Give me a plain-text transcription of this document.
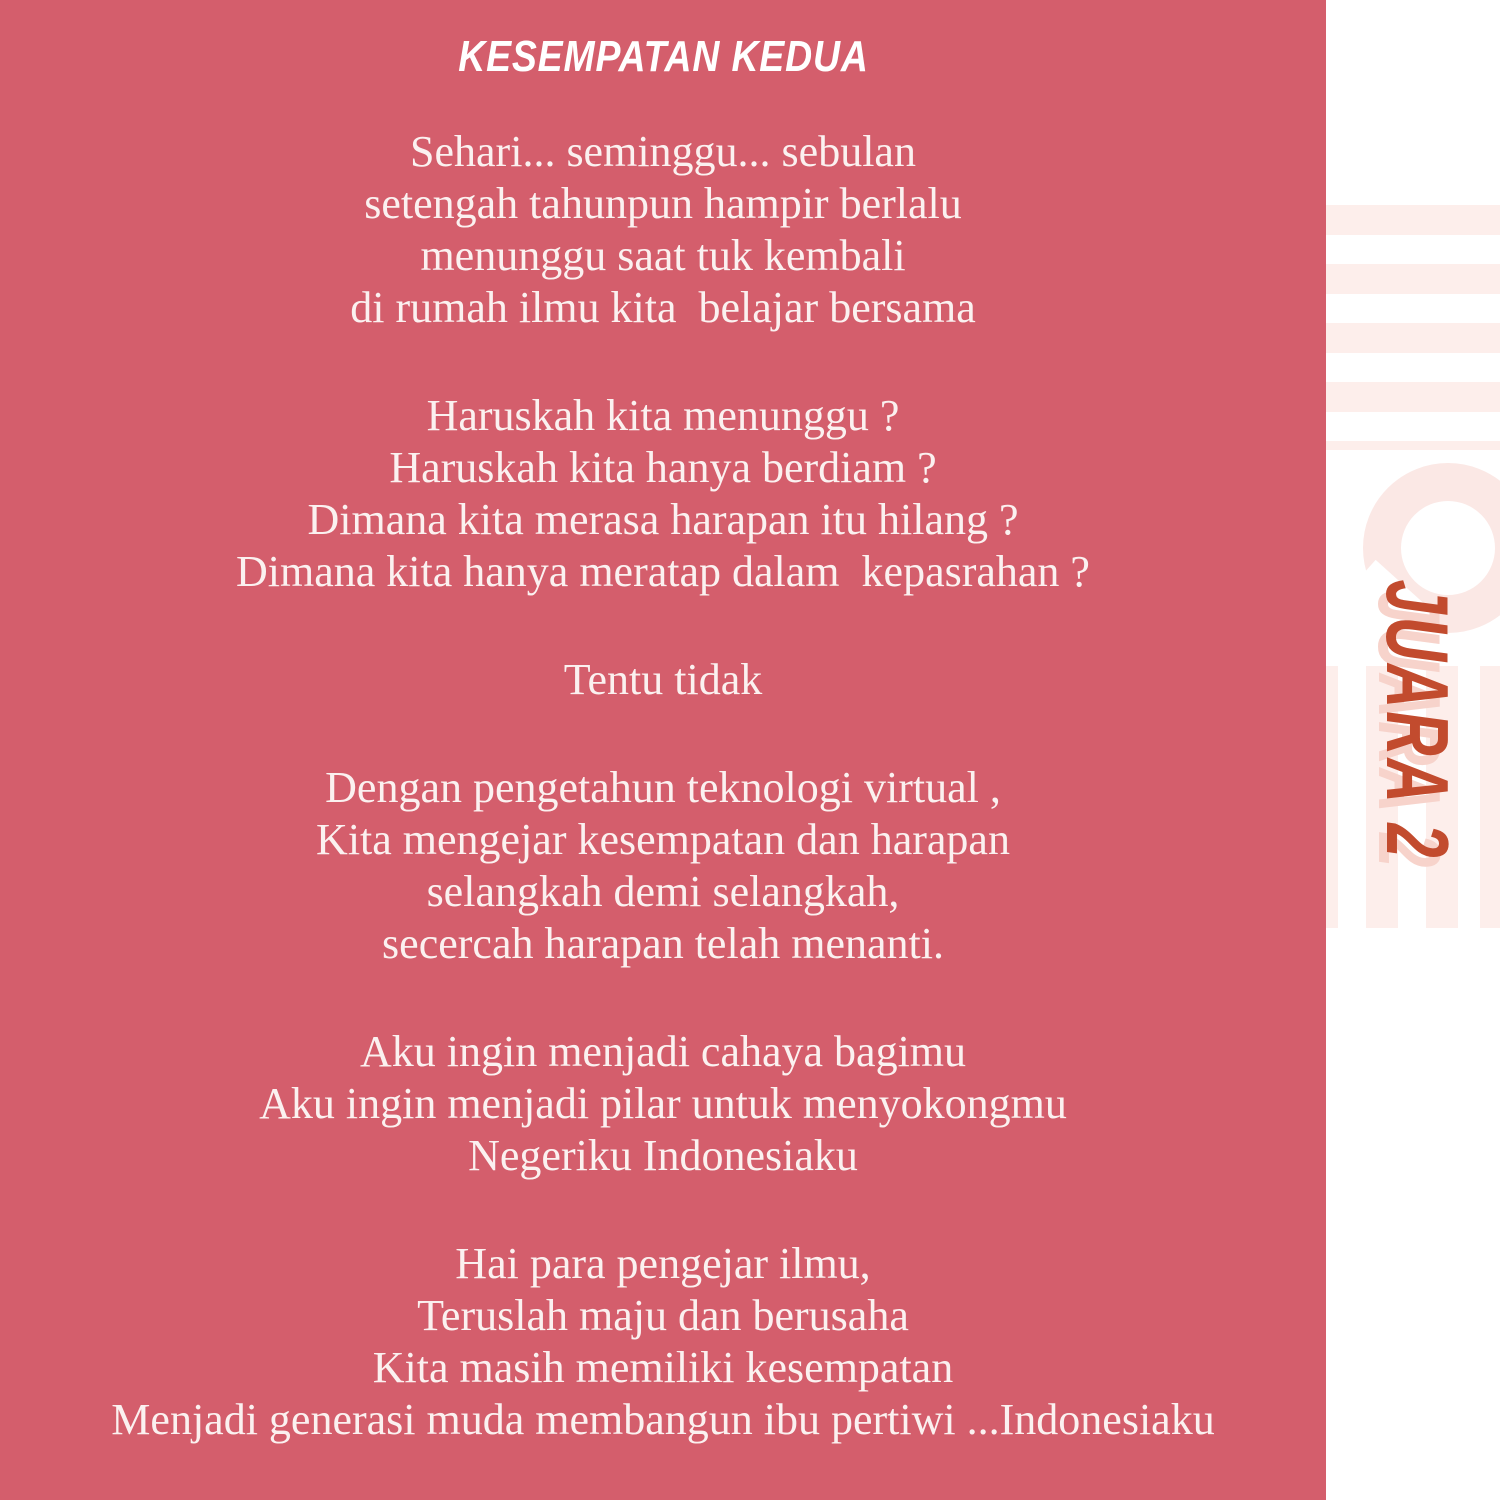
KESEMPATAN KEDUA
Sehari... seminggu... sebulan
setengah tahunpun hampir berlalu
menunggu saat tuk kembali
di rumah ilmu kita  belajar bersama
Haruskah kita menunggu ?
Haruskah kita hanya berdiam ?
Dimana kita merasa harapan itu hilang ?
Dimana kita hanya meratap dalam  kepasrahan ?
Tentu tidak
Dengan pengetahun teknologi virtual ,
Kita mengejar kesempatan dan harapan
selangkah demi selangkah,
secercah harapan telah menanti.
Aku ingin menjadi cahaya bagimu
Aku ingin menjadi pilar untuk menyokongmu
Negeriku Indonesiaku
Hai para pengejar ilmu,
Teruslah maju dan berusaha
Kita masih memiliki kesempatan
Menjadi generasi muda membangun ibu pertiwi ...Indonesiaku
JUARA 2
